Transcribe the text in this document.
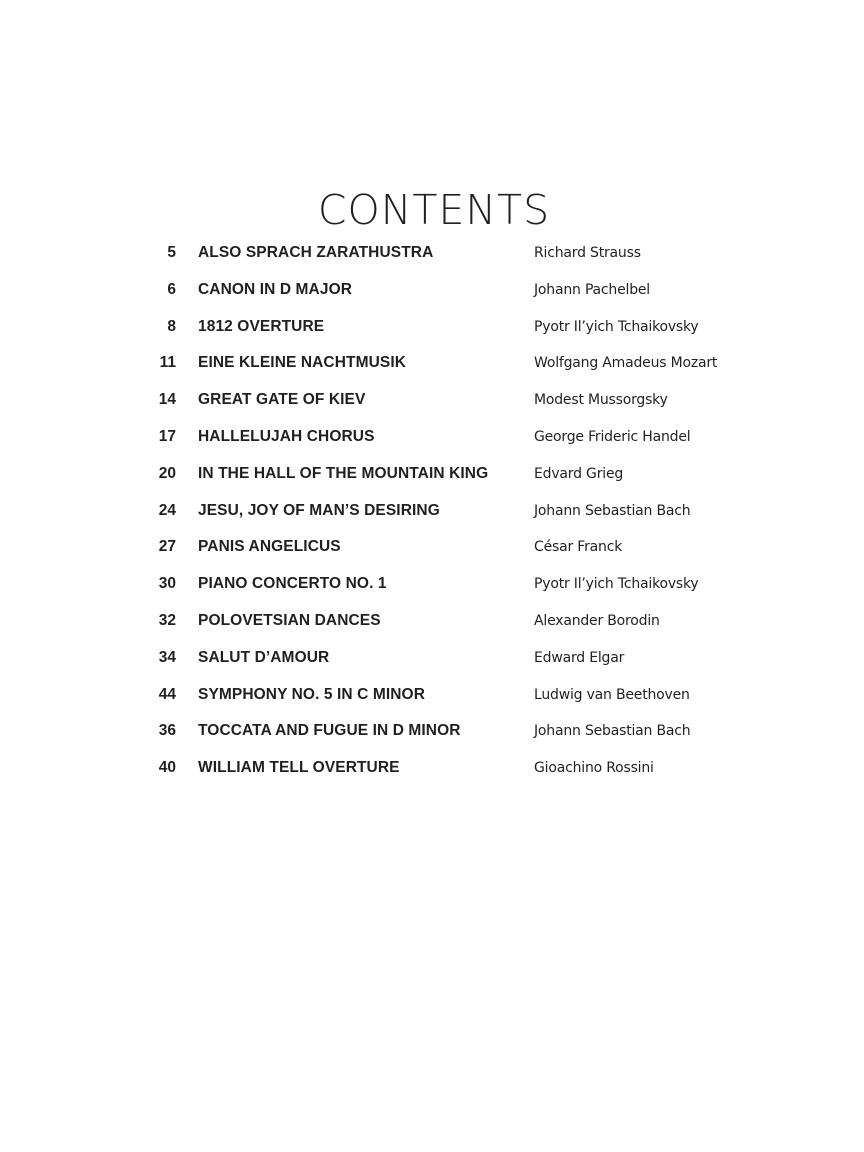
CONTENTS
5 ALSO SPRACH ZARATHUSTRA	Richard Strauss
6 CANON IN D MAJOR	Johann Pachelbel
8 1812 OVERTURE	Pyotr Il’yich Tchaikovsky
11 EINE KLEINE NACHTMUSIK	Wolfgang Amadeus Mozart
14 GREAT GATE OF KIEV	Modest Mussorgsky
17 HALLELUJAH CHORUS	George Frideric Handel
20 IN THE HALL OF THE MOUNTAIN KING	Edvard Grieg
24 JESU, JOY OF MAN’S DESIRING	Johann Sebastian Bach
27 PANIS ANGELICUS	César Franck
30 PIANO CONCERTO NO. 1	Pyotr Il’yich Tchaikovsky
32 POLOVETSIAN DANCES	Alexander Borodin
34 SALUT D’AMOUR	Edward Elgar
44 SYMPHONY NO. 5 IN C MINOR	Ludwig van Beethoven
36 TOCCATA AND FUGUE IN D MINOR	Johann Sebastian Bach
40 WILLIAM TELL OVERTURE	Gioachino Rossini
